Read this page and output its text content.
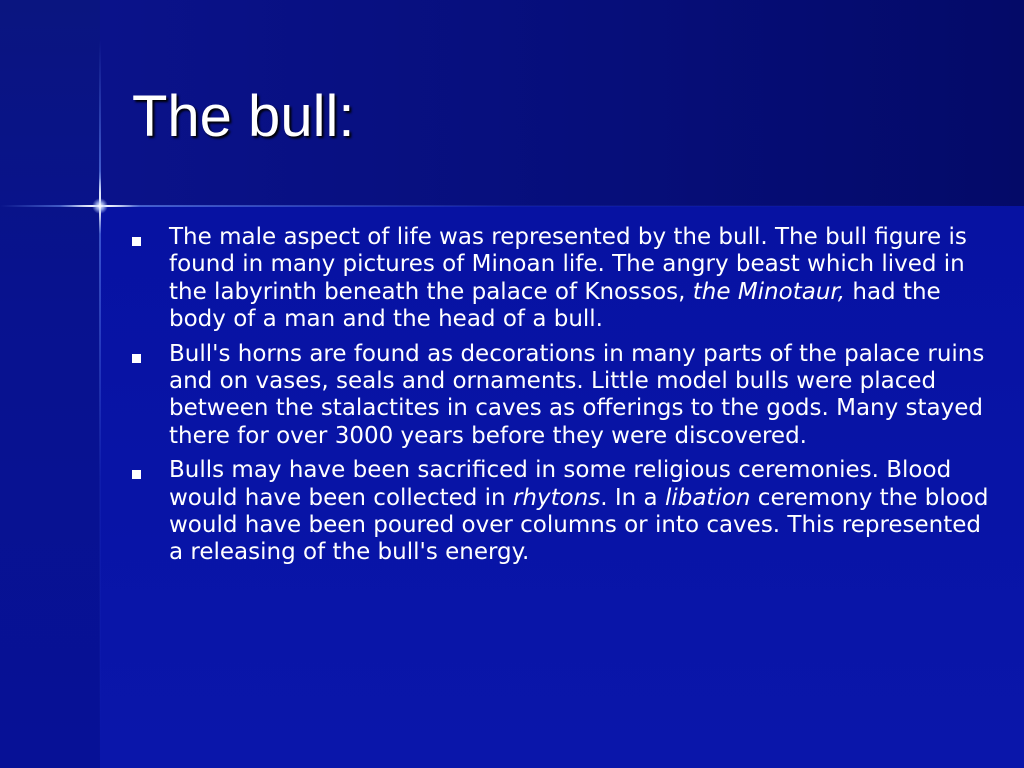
The bull:
The male aspect of life was represented by the bull. The bull figure is found in many pictures of Minoan life. The angry beast which lived in the labyrinth beneath the palace of Knossos, the Minotaur, had the body of a man and the head of a bull.
Bull's horns are found as decorations in many parts of the palace ruins and on vases, seals and ornaments. Little model bulls were placed between the stalactites in caves as offerings to the gods. Many stayed there for over 3000 years before they were discovered.
Bulls may have been sacrificed in some religious ceremonies. Blood would have been collected in rhytons. In a libation ceremony the blood would have been poured over columns or into caves. This represented a releasing of the bull's energy.
